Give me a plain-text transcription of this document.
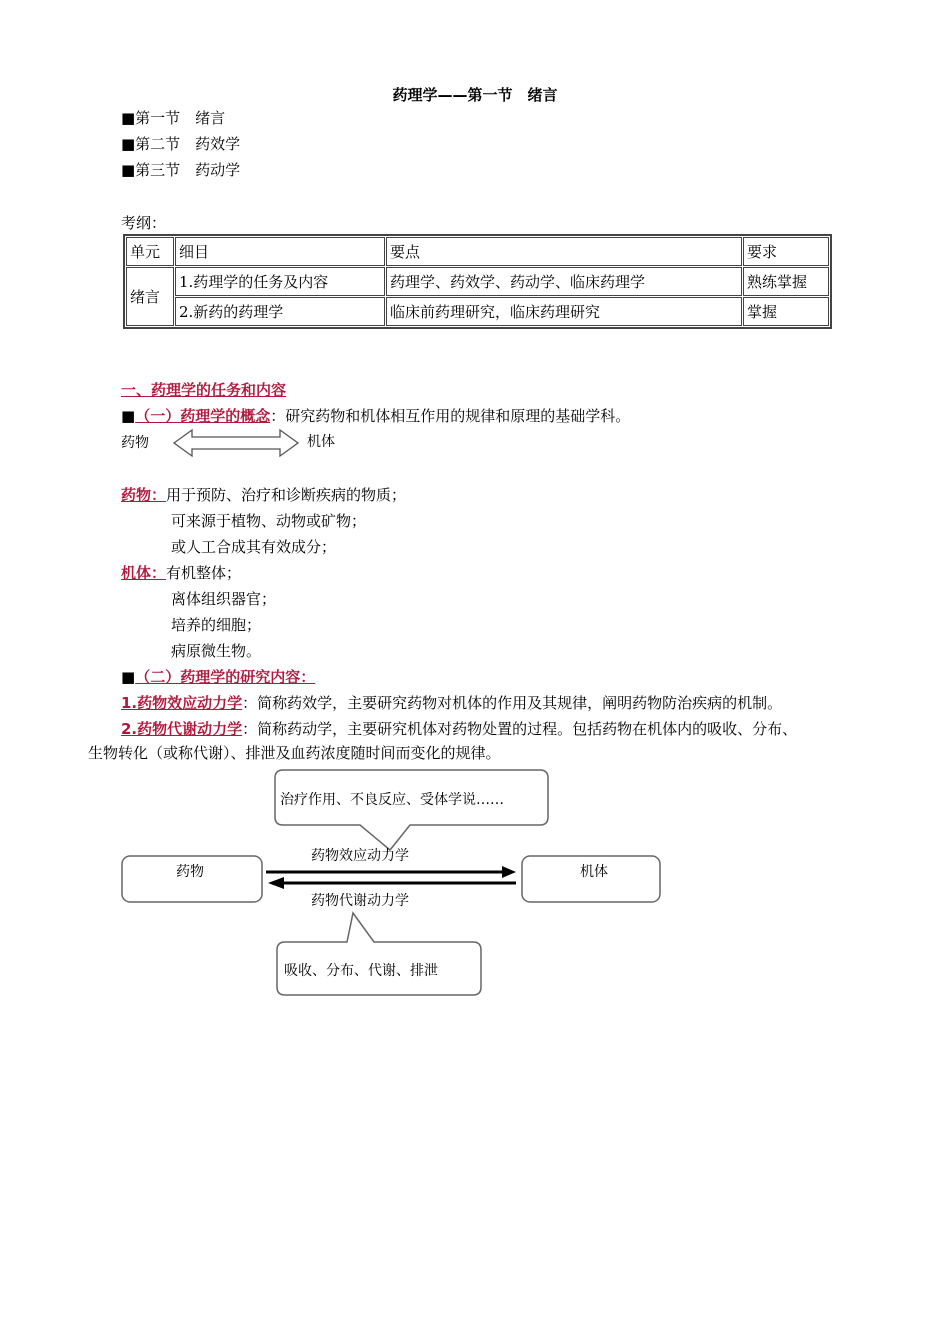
药理学——第一节　绪言
■第一节　绪言
■第二节　药效学
■第三节　药动学
考纲：
单元	细目	要点	要求
绪言	1.药理学的任务及内容	药理学、药效学、药动学、临床药理学	熟练掌握
	2.新药的药理学	临床前药理研究，临床药理研究	掌握
一、药理学的任务和内容
■（一）药理学的概念：研究药物和机体相互作用的规律和原理的基础学科。
药物	机体
药物：用于预防、治疗和诊断疾病的物质；
可来源于植物、动物或矿物；
或人工合成其有效成分；
机体：有机整体；
离体组织器官；
培养的细胞；
病原微生物。
■（二）药理学的研究内容：
1.药物效应动力学：简称药效学，主要研究药物对机体的作用及其规律，阐明药物防治疾病的机制。
2.药物代谢动力学：简称药动学，主要研究机体对药物处置的过程。包括药物在机体内的吸收、分布、
生物转化（或称代谢）、排泄及血药浓度随时间而变化的规律。
治疗作用、不良反应、受体学说……
药物	机体
药物效应动力学
药物代谢动力学
吸收、分布、代谢、排泄
